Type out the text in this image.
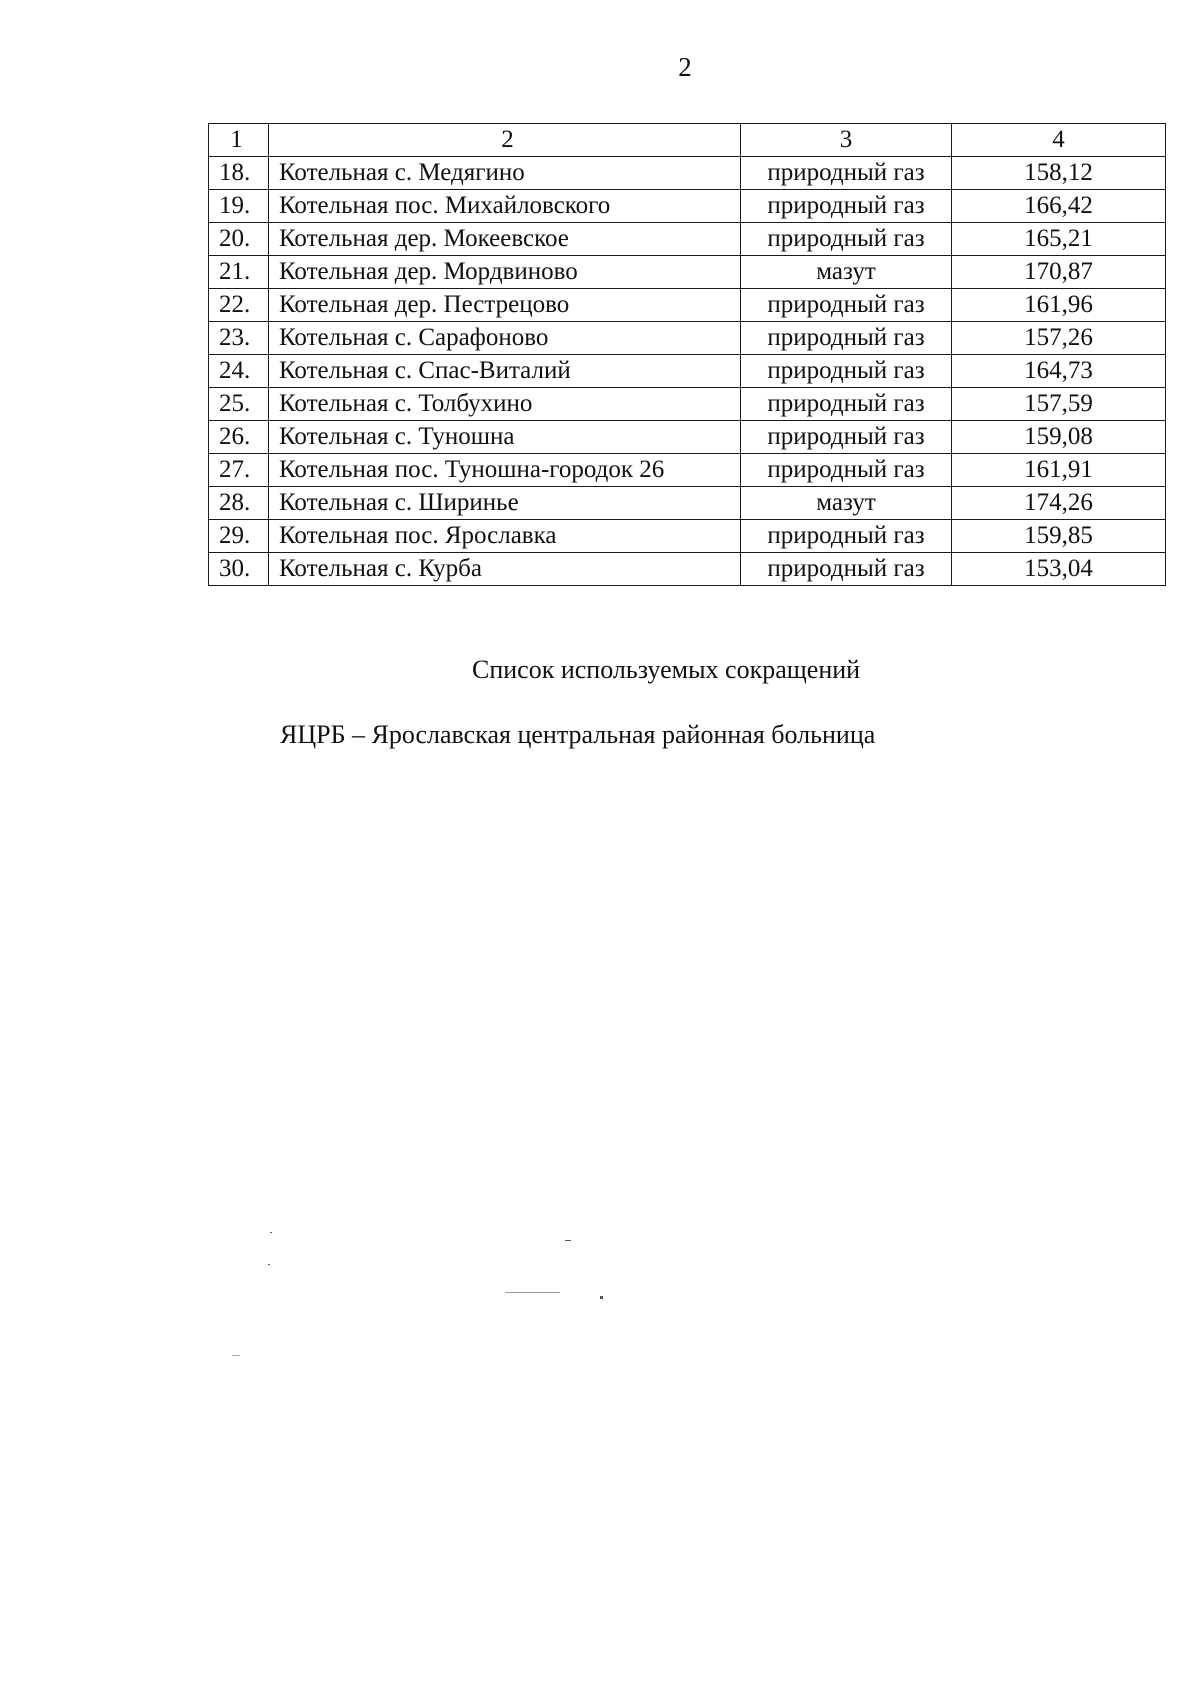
2
1	2	3	4
18.	Котельная с. Медягино	природный газ	158,12
19.	Котельная пос. Михайловского	природный газ	166,42
20.	Котельная дер. Мокеевское	природный газ	165,21
21.	Котельная дер. Мордвиново	мазут	170,87
22.	Котельная дер. Пестрецово	природный газ	161,96
23.	Котельная с. Сарафоново	природный газ	157,26
24.	Котельная с. Спас-Виталий	природный газ	164,73
25.	Котельная с. Толбухино	природный газ	157,59
26.	Котельная с. Туношна	природный газ	159,08
27.	Котельная пос. Туношна-городок 26	природный газ	161,91
28.	Котельная с. Ширинье	мазут	174,26
29.	Котельная пос. Ярославка	природный газ	159,85
30.	Котельная с. Курба	природный газ	153,04
Список используемых сокращений
ЯЦРБ – Ярославская центральная районная больница
